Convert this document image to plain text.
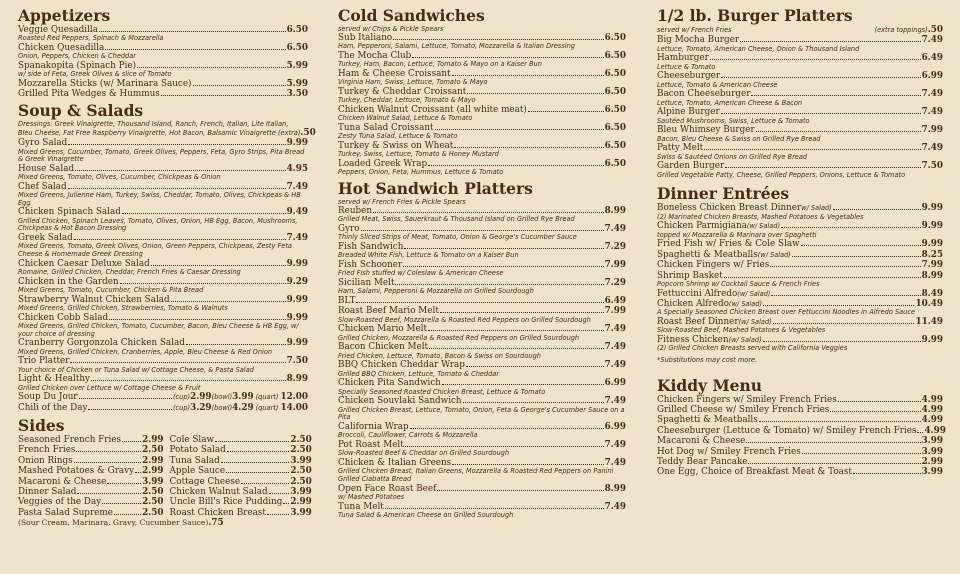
Appetizers
Veggie Quesadilla	6.50
Roasted Red Peppers, Spinach & Mozzarella
Chicken Quesadilla	6.50
Onion, Peppers, Chicken & Cheddar
Spanakopita (Spinach Pie)	5.99
w/ side of Feta, Greek Olives & slice of Tomato
Mozzarella Sticks (w/ Marinara Sauce)	5.99
Grilled Pita Wedges & Hummus	3.50
Soup & Salads
Dressings: Greek Vinaigrette, Thousand Island, Ranch, French, Italian, Lite Italian,
Bleu Cheese, Fat Free Raspberry Vinaigrette, Hot Bacon, Balsamic Vinaigrette (extra) .50
Gyro Salad	9.99
Mixed Greens, Cucumber, Tomato, Greek Olives, Peppers, Feta, Gyro Strips, Pita Bread & Greek Vinaigrette
House Salad	4.95
Mixed Greens, Tomato, Olives, Cucumber, Chickpeas & Onion
Chef Salad	7.49
Mixed Greens, Julienne Ham, Turkey, Swiss, Cheddar, Tomato, Olives, Chickpeas & HB Egg
Chicken Spinach Salad	9.49
Grilled Chicken, Spinach Leaves, Tomato, Olives, Onion, HB Egg, Bacon, Mushrooms, Chickpeas & Hot Bacon Dressing
Greek Salad	7.49
Mixed Greens, Tomato, Greek Olives, Onion, Green Peppers, Chickpeas, Zesty Feta Cheese & Homemade Greek Dressing
Chicken Caesar Deluxe Salad	9.99
Romaine, Grilled Chicken, Cheddar, French Fries & Caesar Dressing
Chicken in the Garden	9.29
Mixed Greens, Tomato, Cucumber, Chicken & Pita Bread
Strawberry Walnut Chicken Salad	9.99
Mixed Greens, Grilled Chicken, Strawberries, Tomato & Walnuts
Chicken Cobb Salad	9.99
Mixed Greens, Grilled Chicken, Tomato, Cucumber, Bacon, Bleu Cheese & HB Egg, w/ your choice of dressing
Cranberry Gorgonzola Chicken Salad	9.99
Mixed Greens, Grilled Chicken, Cranberries, Apple, Bleu Cheese & Red Onion
Trio Platter	7.50
Your choice of Chicken or Tuna Salad w/ Cottage Cheese, & Pasta Salad
Light & Healthy	8.99
Grilled Chicken over Lettuce w/ Cottage Cheese & Fruit
Soup Du Jour	(cup) 2.99 (bowl) 3.99 (quart) 12.00
Chili of the Day	(cup) 3.29 (bowl) 4.29 (quart) 14.00
Sides
Seasoned French Fries 2.99
French Fries	2.50
Onion Rings	2.99
Mashed Potatoes & Gravy 2.99
Macaroni & Cheese	3.99
Dinner Salad	2.50
Veggies of the Day	2.50
Pasta Salad Supreme	2.50
Cole Slaw	2.50
Potato Salad	2.50
Tuna Salad	3.99
Apple Sauce	2.50
Cottage Cheese	2.50
Chicken Walnut Salad	3.99
Uncle Bill's Rice Pudding 2.99
Roast Chicken Breast	3.99
(Sour Cream, Marinara, Gravy, Cucumber Sauce) .75
Cold Sandwiches
served w/ Chips & Pickle Spears
Sub Italiano	6.50
Ham, Pepperoni, Salami, Lettuce, Tomato, Mozzarella & Italian Dressing
The Mocha Club	6.50
Turkey, Ham, Bacon, Lettuce, Tomato & Mayo on a Kaiser Bun
Ham & Cheese Croissant	6.50
Virginia Ham, Swiss, Lettuce, Tomato & Mayo
Turkey & Cheddar Croissant	6.50
Turkey, Cheddar, Lettuce, Tomato & Mayo
Chicken Walnut Croissant (all white meat)	6.50
Chicken Walnut Salad, Lettuce & Tomato
Tuna Salad Croissant	6.50
Zesty Tuna Salad, Lettuce & Tomato
Turkey & Swiss on Wheat	6.50
Turkey, Swiss, Lettuce, Tomato & Honey Mustard
Loaded Greek Wrap	6.50
Peppers, Onion, Feta, Hummus, Lettuce & Tomato
Hot Sandwich Platters
served w/ French Fries & Pickle Spears
Reuben	8.99
Grilled Meat, Swiss, Sauerkraut & Thousand Island on Grilled Rye Bread
Gyro	7.49
Thinly Sliced Strips of Meat, Tomato, Onion & George's Cucumber Sauce
Fish Sandwich	7.29
Breaded White Fish, Lettuce & Tomato on a Kaiser Bun
Fish Schooner	7.99
Fried Fish stuffed w/ Coleslaw & American Cheese
Sicilian Melt	7.29
Ham, Salami, Pepperoni & Mozzarella on Grilled Sourdough
BLT	6.49
Roast Beef Mario Melt	7.99
Slow-Roasted Beef, Mozzarella & Roasted Red Peppers on Grilled Sourdough
Chicken Mario Melt	7.49
Grilled Chicken, Mozzarella & Roasted Red Peppers on Grilled Sourdough
Bacon Chicken Melt	7.49
Fried Chicken, Lettuce, Tomato, Bacon & Swiss on Sourdough
BBQ Chicken Cheddar Wrap	7.49
Grilled BBQ Chicken, Lettuce, Tomato & Cheddar
Chicken Pita Sandwich	6.99
Specially Seasoned Roasted Chicken Breast, Lettuce & Tomato
Chicken Souvlaki Sandwich	7.49
Grilled Chicken Breast, Lettuce, Tomato, Onion, Feta & George's Cucumber Sauce on a Pita
California Wrap	6.99
Broccoli, Cauliflower, Carrots & Mozzarella
Pot Roast Melt	7.49
Slow-Roasted Beef & Cheddar on Grilled Sourdough
Chicken & Italian Greens	7.49
Grilled Chicken Breast, Italian Greens, Mozzarella & Roasted Red Peppers on Panini Grilled Ciabatta Bread
Open Face Roast Beef	8.99
w/ Mashed Potatoes
Tuna Melt	7.49
Tuna Salad & American Cheese on Grilled Sourdough
1/2 lb. Burger Platters
served w/ French Fries	(extra toppings) .50
Big Mocha Burger	7.49
Lettuce, Tomato, American Cheese, Onion & Thousand Island
Hamburger	6.49
Lettuce & Tomato
Cheeseburger	6.99
Lettuce, Tomato & American Cheese
Bacon Cheeseburger	7.49
Lettuce, Tomato, American Cheese & Bacon
Alpine Burger	7.49
Sautéed Mushrooms, Swiss, Lettuce & Tomato
Bleu Whimsey Burger	7.99
Bacon, Bleu Cheese & Swiss on Grilled Rye Bread
Patty Melt	7.49
Swiss & Sautéed Onions on Grilled Rye Bread
Garden Burger	7.50
Grilled Vegetable Patty, Cheese, Grilled Peppers, Onions, Lettuce & Tomato
Dinner Entrées
Boneless Chicken Breast Dinner w/ Salad)	9.99
(2) Marinated Chicken Breasts, Mashed Potatoes & Vegetables
Chicken Parmigiana (w/ Salad)	9.99
topped w/ Mozzarella & Marinara over Spaghetti
Fried Fish w/ Fries & Cole Slaw	9.99
Spaghetti & Meatballs (w/ Salad)	8.25
Chicken Fingers w/ Fries	7.99
Shrimp Basket	8.99
Popcorn Shrimp w/ Cocktail Sauce & French Fries
Fettuccini Alfredo (w/ Salad)	8.49
Chicken Alfredo (w/ Salad)	10.49
A Specially Seasoned Chicken Breast over Fettuccini Noodles in Alfredo Sauce
Roast Beef Dinner (w/ Salad)	11.49
Slow-Roasted Beef, Mashed Potatoes & Vegetables
Fitness Chicken (w/ Salad)	9.99
(2) Grilled Chicken Breasts served with California Veggies
*Substitutions may cost more.
Kiddy Menu
Chicken Fingers w/ Smiley French Fries	4.99
Grilled Cheese w/ Smiley French Fries	4.99
Spaghetti & Meatballs	4.99
Cheeseburger (Lettuce & Tomato) w/ Smiley French Fries 4.99
Macaroni & Cheese	3.99
Hot Dog w/ Smiley French Fries	3.99
Teddy Bear Pancake	2.99
One Egg, Choice of Breakfast Meat & Toast	3.99
